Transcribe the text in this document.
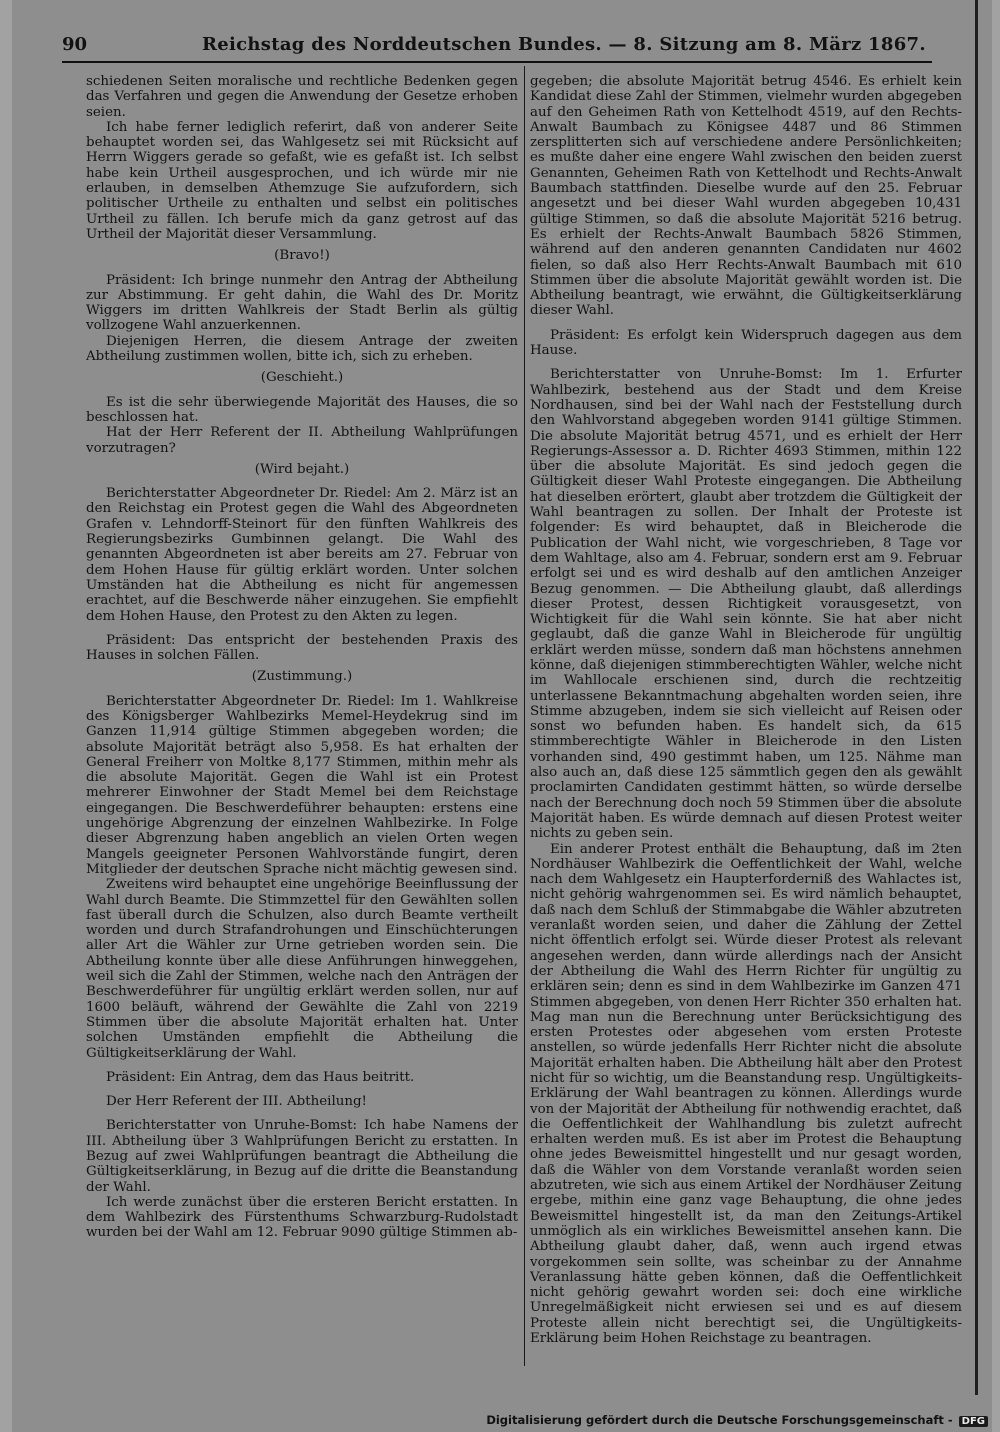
90	Reichstag des Norddeutschen Bundes. — 8. Sitzung am 8. März 1867.

schiedenen Seiten moralische und rechtliche Bedenken gegen das Verfahren und gegen die Anwendung der Gesetze erhoben seien.

Ich habe ferner lediglich referirt, daß von anderer Seite behauptet worden sei, das Wahlgesetz sei mit Rücksicht auf Herrn Wiggers gerade so gefaßt, wie es gefaßt ist. Ich selbst habe kein Urtheil ausgesprochen, und ich würde mir nie erlauben, in demselben Athemzuge Sie aufzufordern, sich politischer Urtheile zu enthalten und selbst ein politisches Urtheil zu fällen. Ich berufe mich da ganz getrost auf das Urtheil der Majorität dieser Versammlung.

(Bravo!)

Präsident: Ich bringe nunmehr den Antrag der Abtheilung zur Abstimmung. Er geht dahin, die Wahl des Dr. Moritz Wiggers im dritten Wahlkreis der Stadt Berlin als gültig vollzogene Wahl anzuerkennen.

Diejenigen Herren, die diesem Antrage der zweiten Abtheilung zustimmen wollen, bitte ich, sich zu erheben.

(Geschieht.)

Es ist die sehr überwiegende Majorität des Hauses, die so beschlossen hat.

Hat der Herr Referent der II. Abtheilung Wahlprüfungen vorzutragen?

(Wird bejaht.)

Berichterstatter Abgeordneter Dr. Riedel: Am 2. März ist an den Reichstag ein Protest gegen die Wahl des Abgeordneten Grafen v. Lehndorff-Steinort für den fünften Wahlkreis des Regierungsbezirks Gumbinnen gelangt. Die Wahl des genannten Abgeordneten ist aber bereits am 27. Februar von dem Hohen Hause für gültig erklärt worden. Unter solchen Umständen hat die Abtheilung es nicht für angemessen erachtet, auf die Beschwerde näher einzugehen. Sie empfiehlt dem Hohen Hause, den Protest zu den Akten zu legen.

Präsident: Das entspricht der bestehenden Praxis des Hauses in solchen Fällen.

(Zustimmung.)

Berichterstatter Abgeordneter Dr. Riedel: Im 1. Wahlkreise des Königsberger Wahlbezirks Memel-Heydekrug sind im Ganzen 11,914 gültige Stimmen abgegeben worden; die absolute Majorität beträgt also 5,958. Es hat erhalten der General Freiherr von Moltke 8,177 Stimmen, mithin mehr als die absolute Majorität. Gegen die Wahl ist ein Protest mehrerer Einwohner der Stadt Memel bei dem Reichstage eingegangen. Die Beschwerdeführer behaupten: erstens eine ungehörige Abgrenzung der einzelnen Wahlbezirke. In Folge dieser Abgrenzung haben angeblich an vielen Orten wegen Mangels geeigneter Personen Wahlvorstände fungirt, deren Mitglieder der deutschen Sprache nicht mächtig gewesen sind.

Zweitens wird behauptet eine ungehörige Beeinflussung der Wahl durch Beamte. Die Stimmzettel für den Gewählten sollen fast überall durch die Schulzen, also durch Beamte vertheilt worden und durch Strafandrohungen und Einschüchterungen aller Art die Wähler zur Urne getrieben worden sein. Die Abtheilung konnte über alle diese Anführungen hinweggehen, weil sich die Zahl der Stimmen, welche nach den Anträgen der Beschwerdeführer für ungültig erklärt werden sollen, nur auf 1600 beläuft, während der Gewählte die Zahl von 2219 Stimmen über die absolute Majorität erhalten hat. Unter solchen Umständen empfiehlt die Abtheilung die Gültigkeitserklärung der Wahl.

Präsident: Ein Antrag, dem das Haus beitritt.

Der Herr Referent der III. Abtheilung!

Berichterstatter von Unruhe-Bomst: Ich habe Namens der III. Abtheilung über 3 Wahlprüfungen Bericht zu erstatten. In Bezug auf zwei Wahlprüfungen beantragt die Abtheilung die Gültigkeitserklärung, in Bezug auf die dritte die Beanstandung der Wahl.

Ich werde zunächst über die ersteren Bericht erstatten. In dem Wahlbezirk des Fürstenthums Schwarzburg-Rudolstadt wurden bei der Wahl am 12. Februar 9090 gültige Stimmen ab-

gegeben; die absolute Majorität betrug 4546. Es erhielt kein Kandidat diese Zahl der Stimmen, vielmehr wurden abgegeben auf den Geheimen Rath von Kettelhodt 4519, auf den Rechts-Anwalt Baumbach zu Königsee 4487 und 86 Stimmen zersplitterten sich auf verschiedene andere Persönlichkeiten; es mußte daher eine engere Wahl zwischen den beiden zuerst Genannten, Geheimen Rath von Kettelhodt und Rechts-Anwalt Baumbach stattfinden. Dieselbe wurde auf den 25. Februar angesetzt und bei dieser Wahl wurden abgegeben 10,431 gültige Stimmen, so daß die absolute Majorität 5216 betrug. Es erhielt der Rechts-Anwalt Baumbach 5826 Stimmen, während auf den anderen genannten Candidaten nur 4602 fielen, so daß also Herr Rechts-Anwalt Baumbach mit 610 Stimmen über die absolute Majorität gewählt worden ist. Die Abtheilung beantragt, wie erwähnt, die Gültigkeitserklärung dieser Wahl.

Präsident: Es erfolgt kein Widerspruch dagegen aus dem Hause.

Berichterstatter von Unruhe-Bomst: Im 1. Erfurter Wahlbezirk, bestehend aus der Stadt und dem Kreise Nordhausen, sind bei der Wahl nach der Feststellung durch den Wahlvorstand abgegeben worden 9141 gültige Stimmen. Die absolute Majorität betrug 4571, und es erhielt der Herr Regierungs-Assessor a. D. Richter 4693 Stimmen, mithin 122 über die absolute Majorität. Es sind jedoch gegen die Gültigkeit dieser Wahl Proteste eingegangen. Die Abtheilung hat dieselben erörtert, glaubt aber trotzdem die Gültigkeit der Wahl beantragen zu sollen. Der Inhalt der Proteste ist folgender: Es wird behauptet, daß in Bleicherode die Publication der Wahl nicht, wie vorgeschrieben, 8 Tage vor dem Wahltage, also am 4. Februar, sondern erst am 9. Februar erfolgt sei und es wird deshalb auf den amtlichen Anzeiger Bezug genommen. — Die Abtheilung glaubt, daß allerdings dieser Protest, dessen Richtigkeit vorausgesetzt, von Wichtigkeit für die Wahl sein könnte. Sie hat aber nicht geglaubt, daß die ganze Wahl in Bleicherode für ungültig erklärt werden müsse, sondern daß man höchstens annehmen könne, daß diejenigen stimmberechtigten Wähler, welche nicht im Wahllocale erschienen sind, durch die rechtzeitig unterlassene Bekanntmachung abgehalten worden seien, ihre Stimme abzugeben, indem sie sich vielleicht auf Reisen oder sonst wo befunden haben. Es handelt sich, da 615 stimmberechtigte Wähler in Bleicherode in den Listen vorhanden sind, 490 gestimmt haben, um 125. Nähme man also auch an, daß diese 125 sämmtlich gegen den als gewählt proclamirten Candidaten gestimmt hätten, so würde derselbe nach der Berechnung doch noch 59 Stimmen über die absolute Majorität haben. Es würde demnach auf diesen Protest weiter nichts zu geben sein.

Ein anderer Protest enthält die Behauptung, daß im 2ten Nordhäuser Wahlbezirk die Oeffentlichkeit der Wahl, welche nach dem Wahlgesetz ein Haupterforderniß des Wahlactes ist, nicht gehörig wahrgenommen sei. Es wird nämlich behauptet, daß nach dem Schluß der Stimmabgabe die Wähler abzutreten veranlaßt worden seien, und daher die Zählung der Zettel nicht öffentlich erfolgt sei. Würde dieser Protest als relevant angesehen werden, dann würde allerdings nach der Ansicht der Abtheilung die Wahl des Herrn Richter für ungültig zu erklären sein; denn es sind in dem Wahlbezirke im Ganzen 471 Stimmen abgegeben, von denen Herr Richter 350 erhalten hat. Mag man nun die Berechnung unter Berücksichtigung des ersten Protestes oder abgesehen vom ersten Proteste anstellen, so würde jedenfalls Herr Richter nicht die absolute Majorität erhalten haben. Die Abtheilung hält aber den Protest nicht für so wichtig, um die Beanstandung resp. Ungültigkeits-Erklärung der Wahl beantragen zu können. Allerdings wurde von der Majorität der Abtheilung für nothwendig erachtet, daß die Oeffentlichkeit der Wahlhandlung bis zuletzt aufrecht erhalten werden muß. Es ist aber im Protest die Behauptung ohne jedes Beweismittel hingestellt und nur gesagt worden, daß die Wähler von dem Vorstande veranlaßt worden seien abzutreten, wie sich aus einem Artikel der Nordhäuser Zeitung ergebe, mithin eine ganz vage Behauptung, die ohne jedes Beweismittel hingestellt ist, da man den Zeitungs-Artikel unmöglich als ein wirkliches Beweismittel ansehen kann. Die Abtheilung glaubt daher, daß, wenn auch irgend etwas vorgekommen sein sollte, was scheinbar zu der Annahme Veranlassung hätte geben können, daß die Oeffentlichkeit nicht gehörig gewahrt worden sei: doch eine wirkliche Unregelmäßigkeit nicht erwiesen sei und es auf diesem Proteste allein nicht berechtigt sei, die Ungültigkeits-Erklärung beim Hohen Reichstage zu beantragen.

Digitalisierung gefördert durch die Deutsche Forschungsgemeinschaft - DFG
